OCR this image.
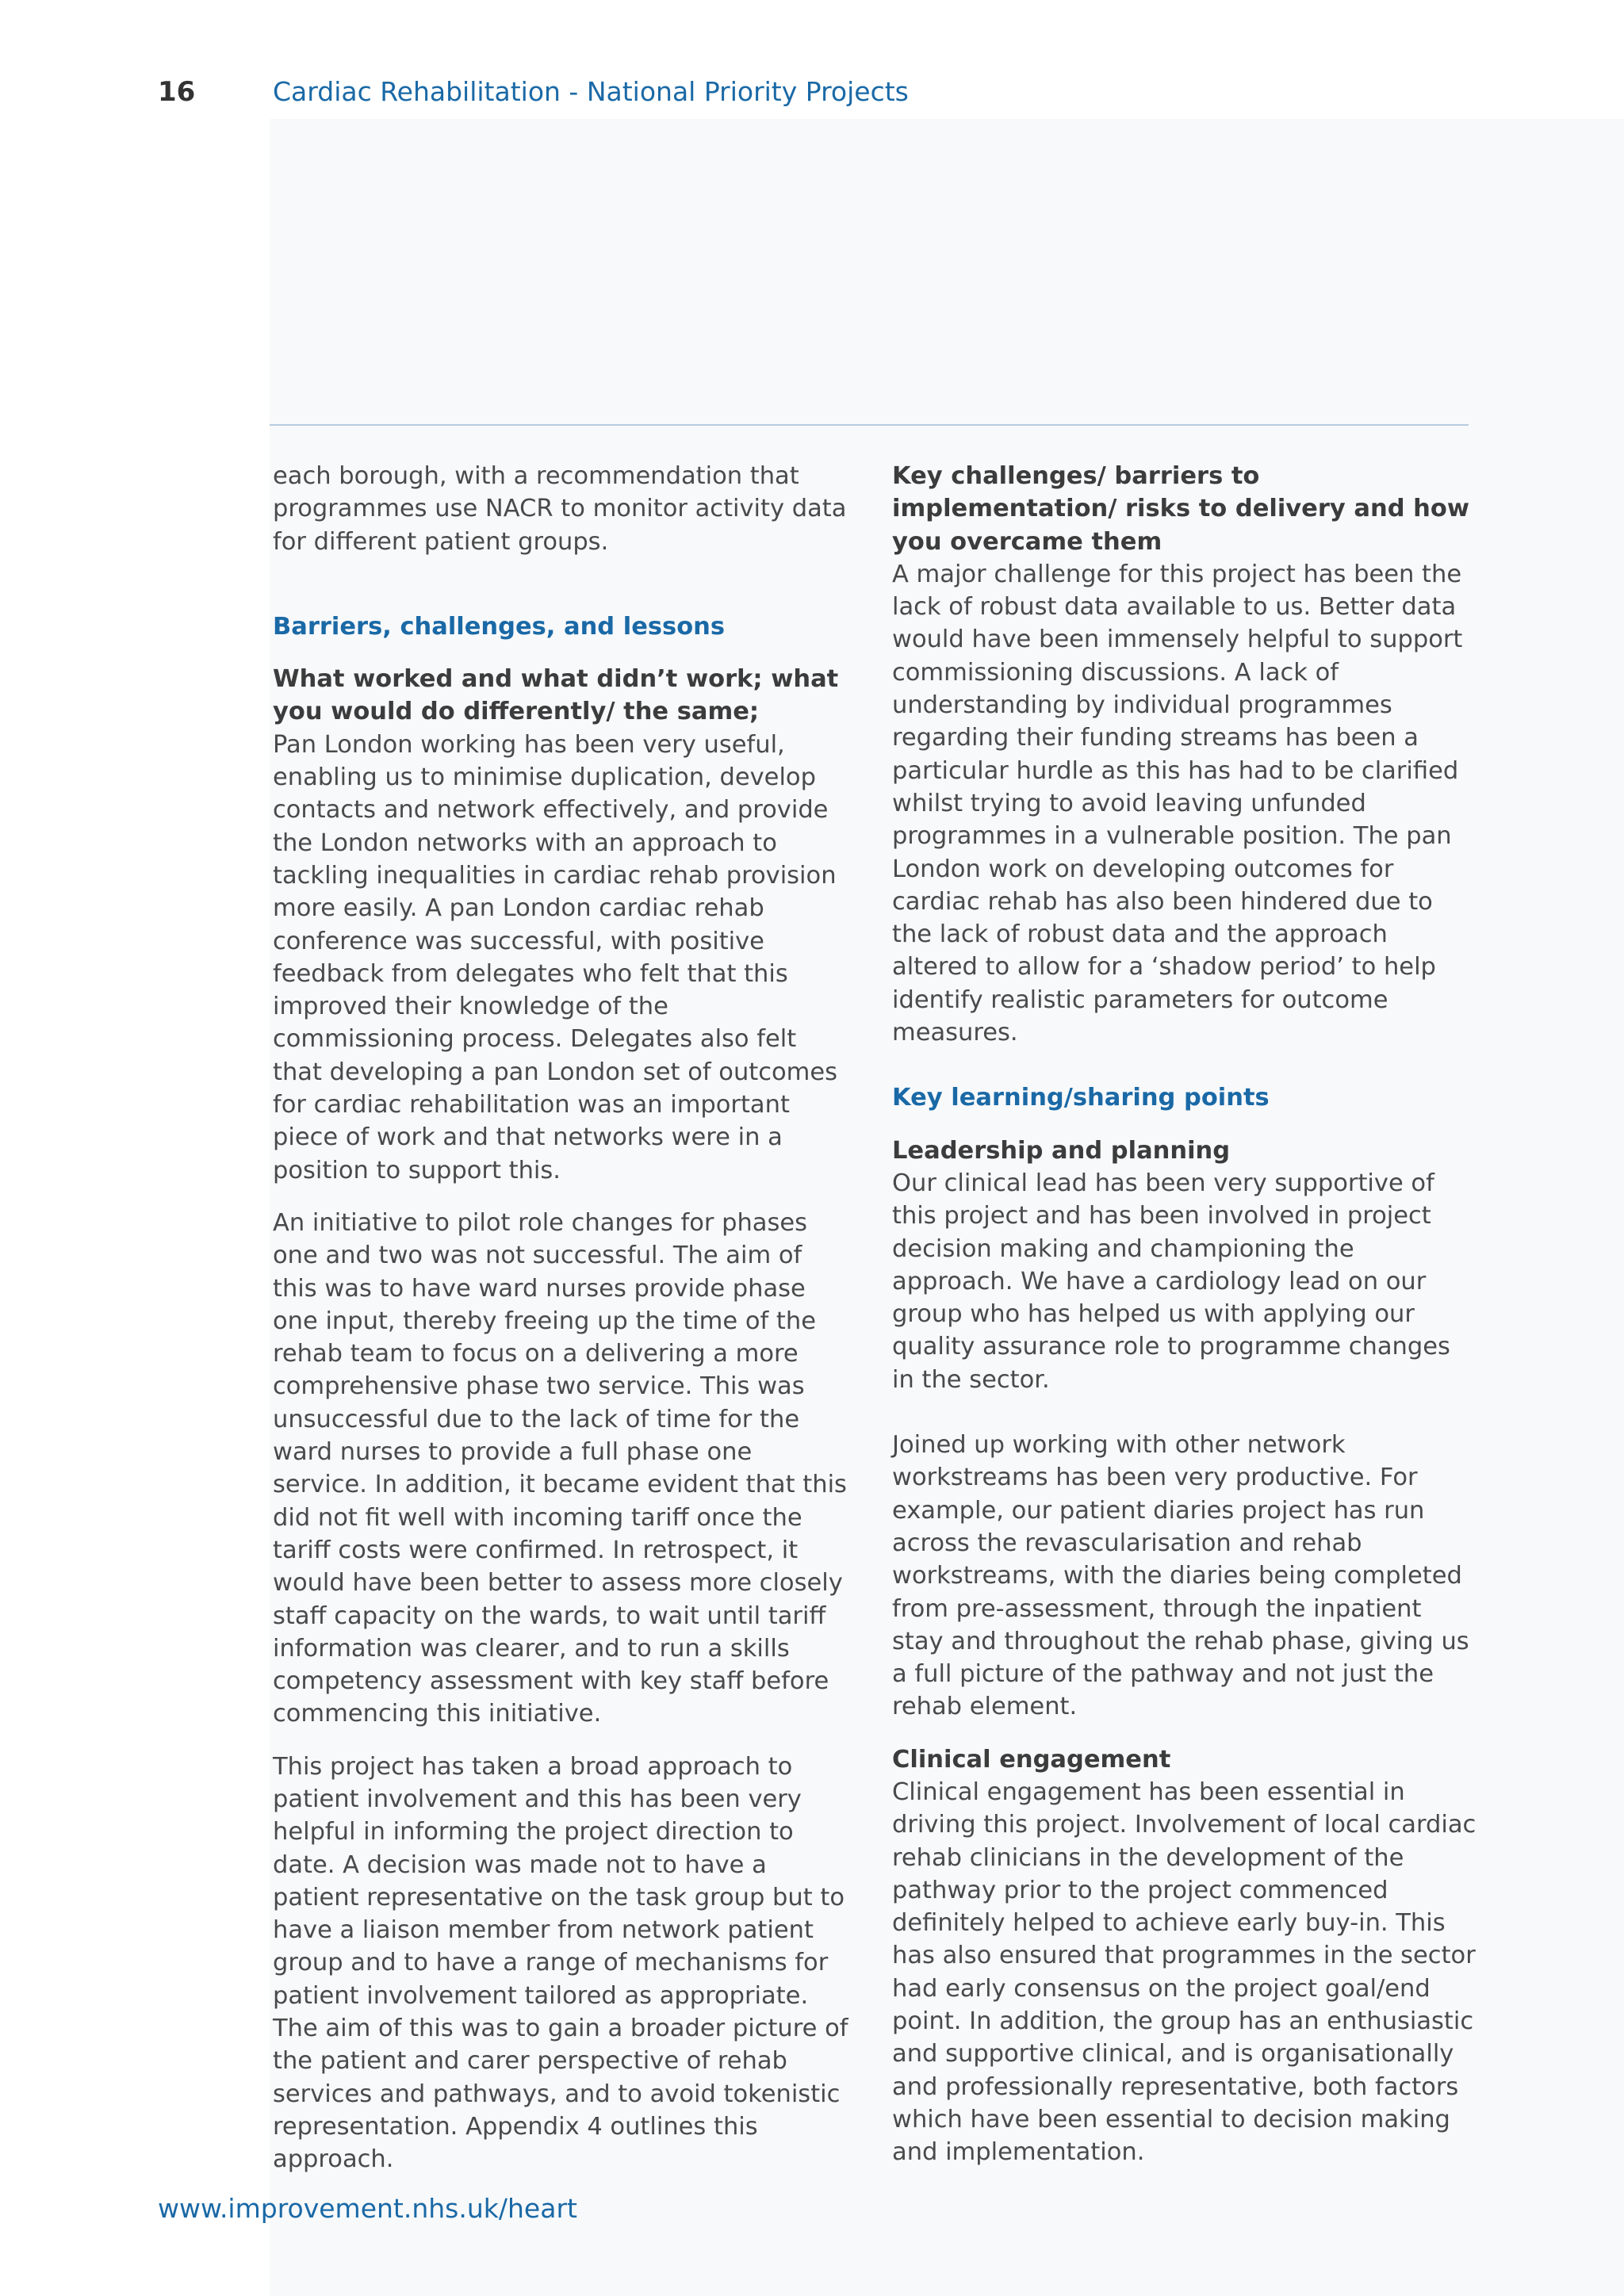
16	Cardiac Rehabilitation - National Priority Projects

each borough, with a recommendation that programmes use NACR to monitor activity data for different patient groups.

Barriers, challenges, and lessons

What worked and what didn’t work; what you would do differently/ the same;
Pan London working has been very useful, enabling us to minimise duplication, develop contacts and network effectively, and provide the London networks with an approach to tackling inequalities in cardiac rehab provision more easily. A pan London cardiac rehab conference was successful, with positive feedback from delegates who felt that this improved their knowledge of the commissioning process. Delegates also felt that developing a pan London set of outcomes for cardiac rehabilitation was an important piece of work and that networks were in a position to support this.

An initiative to pilot role changes for phases one and two was not successful. The aim of this was to have ward nurses provide phase one input, thereby freeing up the time of the rehab team to focus on a delivering a more comprehensive phase two service. This was unsuccessful due to the lack of time for the ward nurses to provide a full phase one service. In addition, it became evident that this did not fit well with incoming tariff once the tariff costs were confirmed. In retrospect, it would have been better to assess more closely staff capacity on the wards, to wait until tariff information was clearer, and to run a skills competency assessment with key staff before commencing this initiative.

This project has taken a broad approach to patient involvement and this has been very helpful in informing the project direction to date. A decision was made not to have a patient representative on the task group but to have a liaison member from network patient group and to have a range of mechanisms for patient involvement tailored as appropriate. The aim of this was to gain a broader picture of the patient and carer perspective of rehab services and pathways, and to avoid tokenistic representation. Appendix 4 outlines this approach.

Key challenges/ barriers to implementation/ risks to delivery and how you overcame them
A major challenge for this project has been the lack of robust data available to us. Better data would have been immensely helpful to support commissioning discussions. A lack of understanding by individual programmes regarding their funding streams has been a particular hurdle as this has had to be clarified whilst trying to avoid leaving unfunded programmes in a vulnerable position. The pan London work on developing outcomes for cardiac rehab has also been hindered due to the lack of robust data and the approach altered to allow for a ‘shadow period’ to help identify realistic parameters for outcome measures.

Key learning/sharing points

Leadership and planning
Our clinical lead has been very supportive of this project and has been involved in project decision making and championing the approach. We have a cardiology lead on our group who has helped us with applying our quality assurance role to programme changes in the sector.

Joined up working with other network workstreams has been very productive. For example, our patient diaries project has run across the revascularisation and rehab workstreams, with the diaries being completed from pre-assessment, through the inpatient stay and throughout the rehab phase, giving us a full picture of the pathway and not just the rehab element.

Clinical engagement
Clinical engagement has been essential in driving this project. Involvement of local cardiac rehab clinicians in the development of the pathway prior to the project commenced definitely helped to achieve early buy-in. This has also ensured that programmes in the sector had early consensus on the project goal/end point. In addition, the group has an enthusiastic and supportive clinical, and is organisationally and professionally representative, both factors which have been essential to decision making and implementation.

www.improvement.nhs.uk/heart
